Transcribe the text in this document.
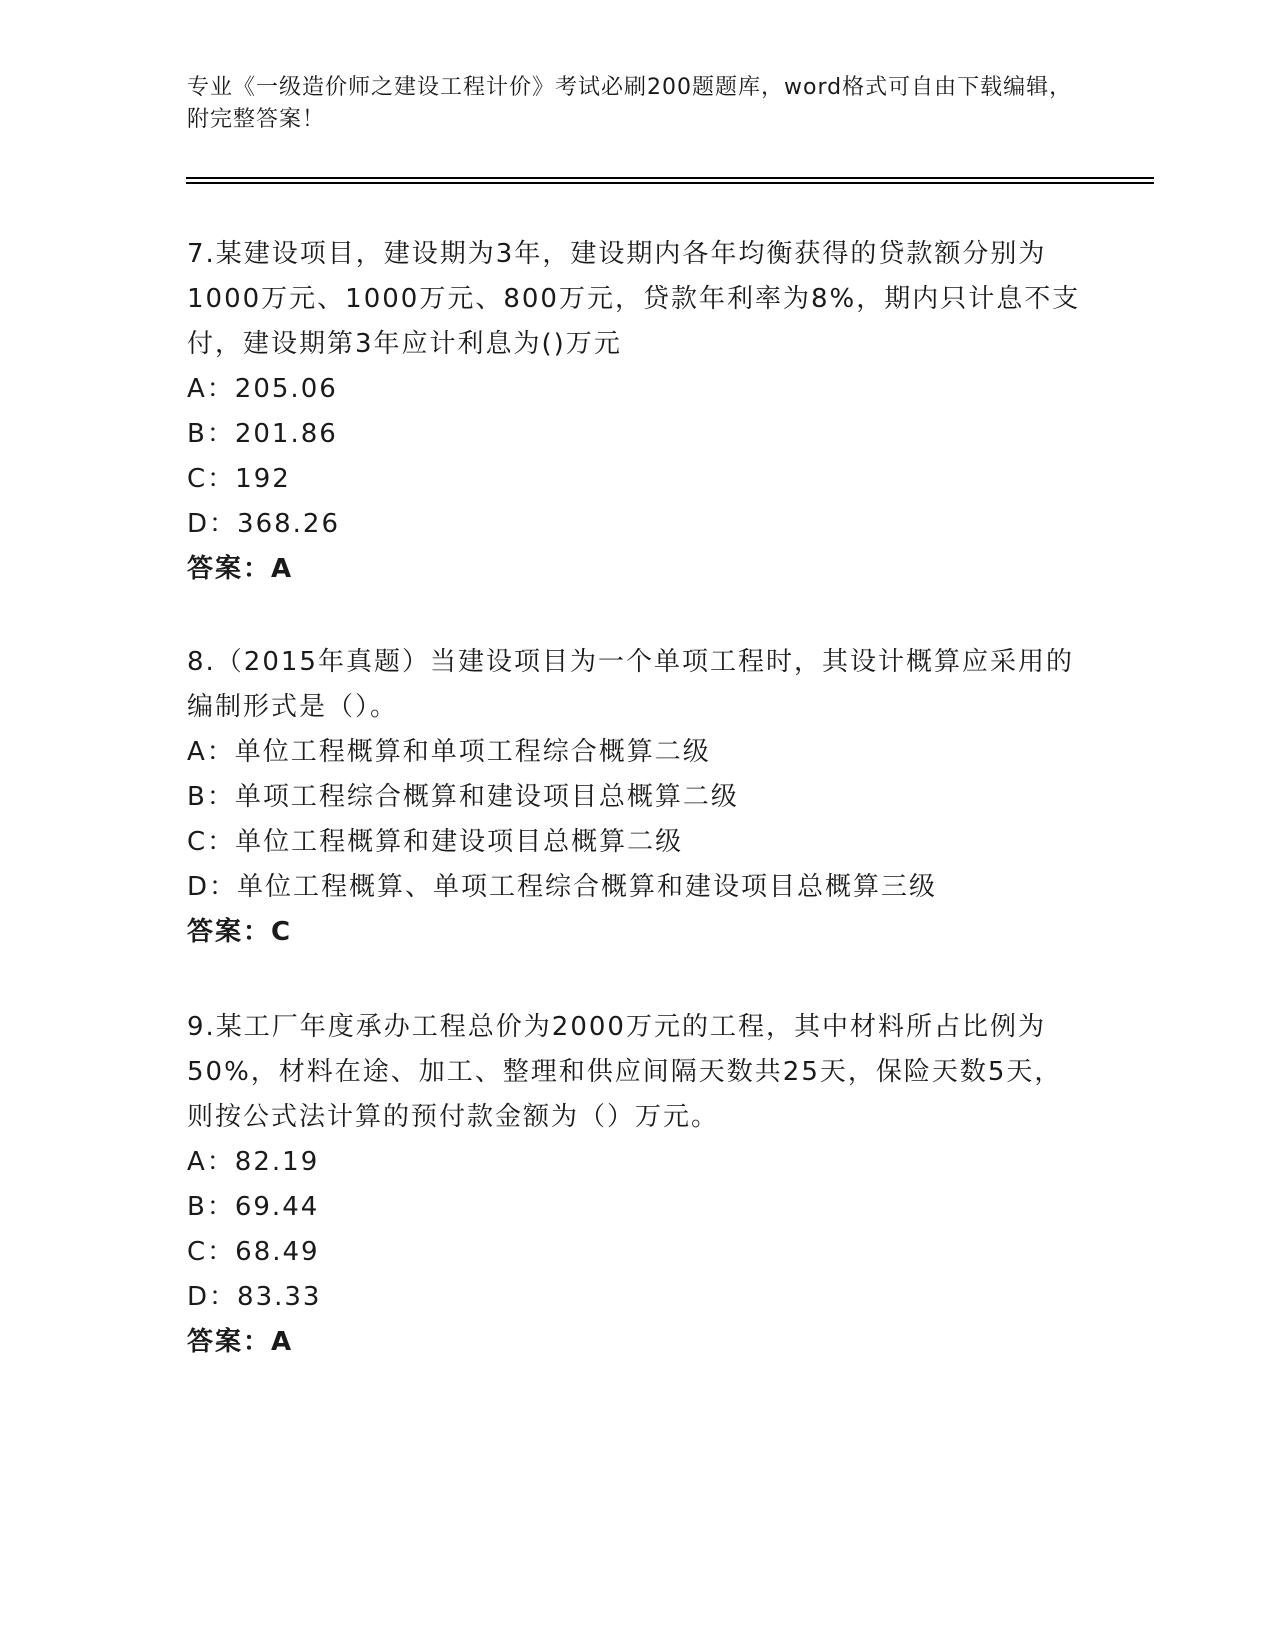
专业《一级造价师之建设工程计价》考试必刷200题题库，word格式可自由下载编辑，附完整答案！

7.某建设项目，建设期为3年，建设期内各年均衡获得的贷款额分别为1000万元、1000万元、800万元，贷款年利率为8%，期内只计息不支付，建设期第3年应计利息为()万元

A：205.06
B：201.86
C：192
D：368.26
答案：A

8.（2015年真题）当建设项目为一个单项工程时，其设计概算应采用的编制形式是（）。

A：单位工程概算和单项工程综合概算二级
B：单项工程综合概算和建设项目总概算二级
C：单位工程概算和建设项目总概算二级
D：单位工程概算、单项工程综合概算和建设项目总概算三级
答案：C

9.某工厂年度承办工程总价为2000万元的工程，其中材料所占比例为50%，材料在途、加工、整理和供应间隔天数共25天，保险天数5天，则按公式法计算的预付款金额为（）万元。

A：82.19
B：69.44
C：68.49
D：83.33
答案：A
